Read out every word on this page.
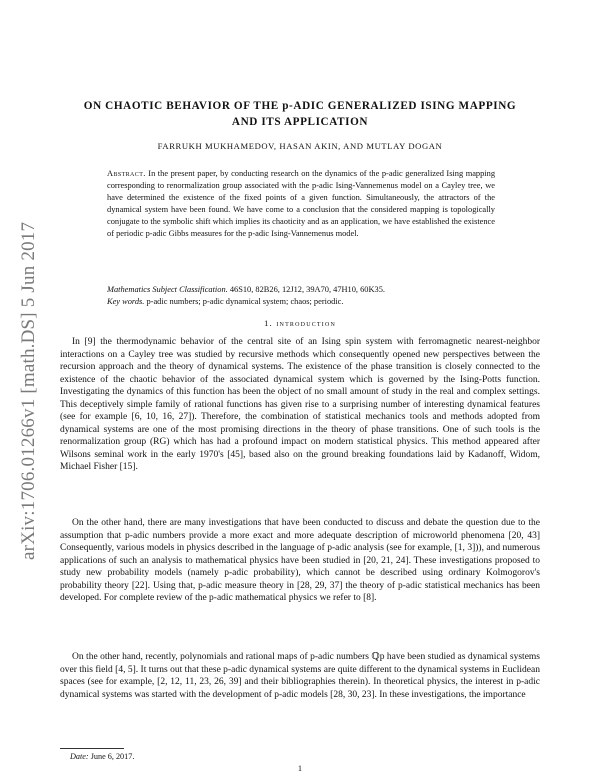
arXiv:1706.01266v1 [math.DS] 5 Jun 2017
ON CHAOTIC BEHAVIOR OF THE p-ADIC GENERALIZED ISING MAPPING
AND ITS APPLICATION
FARRUKH MUKHAMEDOV, HASAN AKIN, AND MUTLAY DOGAN
Abstract. In the present paper, by conducting research on the dynamics of the p-adic generalized Ising mapping corresponding to renormalization group associated with the p-adic Ising-Vannemenus model on a Cayley tree, we have determined the existence of the fixed points of a given function. Simultaneously, the attractors of the dynamical system have been found. We have come to a conclusion that the considered mapping is topologically conjugate to the symbolic shift which implies its chaoticity and as an application, we have established the existence of periodic p-adic Gibbs measures for the p-adic Ising-Vannemenus model.
Mathematics Subject Classification. 46S10, 82B26, 12J12, 39A70, 47H10, 60K35.
Key words. p-adic numbers; p-adic dynamical system; chaos; periodic.
1. introduction

In [9] the thermodynamic behavior of the central site of an Ising spin system with ferromagnetic nearest-neighbor interactions on a Cayley tree was studied by recursive methods which consequently opened new perspectives between the recursion approach and the theory of dynamical systems. The existence of the phase transition is closely connected to the existence of the chaotic behavior of the associated dynamical system which is governed by the Ising-Potts function. Investigating the dynamics of this function has been the object of no small amount of study in the real and complex settings. This deceptively simple family of rational functions has given rise to a surprising number of interesting dynamical features (see for example [6, 10, 16, 27]). Therefore, the combination of statistical mechanics tools and methods adopted from dynamical systems are one of the most promising directions in the theory of phase transitions. One of such tools is the renormalization group (RG) which has had a profound impact on modern statistical physics. This method appeared after Wilsons seminal work in the early 1970's [45], based also on the ground breaking foundations laid by Kadanoff, Widom, Michael Fisher [15].

On the other hand, there are many investigations that have been conducted to discuss and debate the question due to the assumption that p-adic numbers provide a more exact and more adequate description of microworld phenomena [20, 43] Consequently, various models in physics described in the language of p-adic analysis (see for example, [1, 3])), and numerous applications of such an analysis to mathematical physics have been studied in [20, 21, 24]. These investigations proposed to study new probability models (namely p-adic probability), which cannot be described using ordinary Kolmogorov's probability theory [22]. Using that, p-adic measure theory in [28, 29, 37] the theory of p-adic statistical mechanics has been developed. For complete review of the p-adic mathematical physics we refer to [8].

On the other hand, recently, polynomials and rational maps of p-adic numbers ℚp have been studied as dynamical systems over this field [4, 5]. It turns out that these p-adic dynamical systems are quite different to the dynamical systems in Euclidean spaces (see for example, [2, 12, 11, 23, 26, 39] and their bibliographies therein). In theoretical physics, the interest in p-adic dynamical systems was started with the development of p-adic models [28, 30, 23]. In these investigations, the importance

Date: June 6, 2017.
1
